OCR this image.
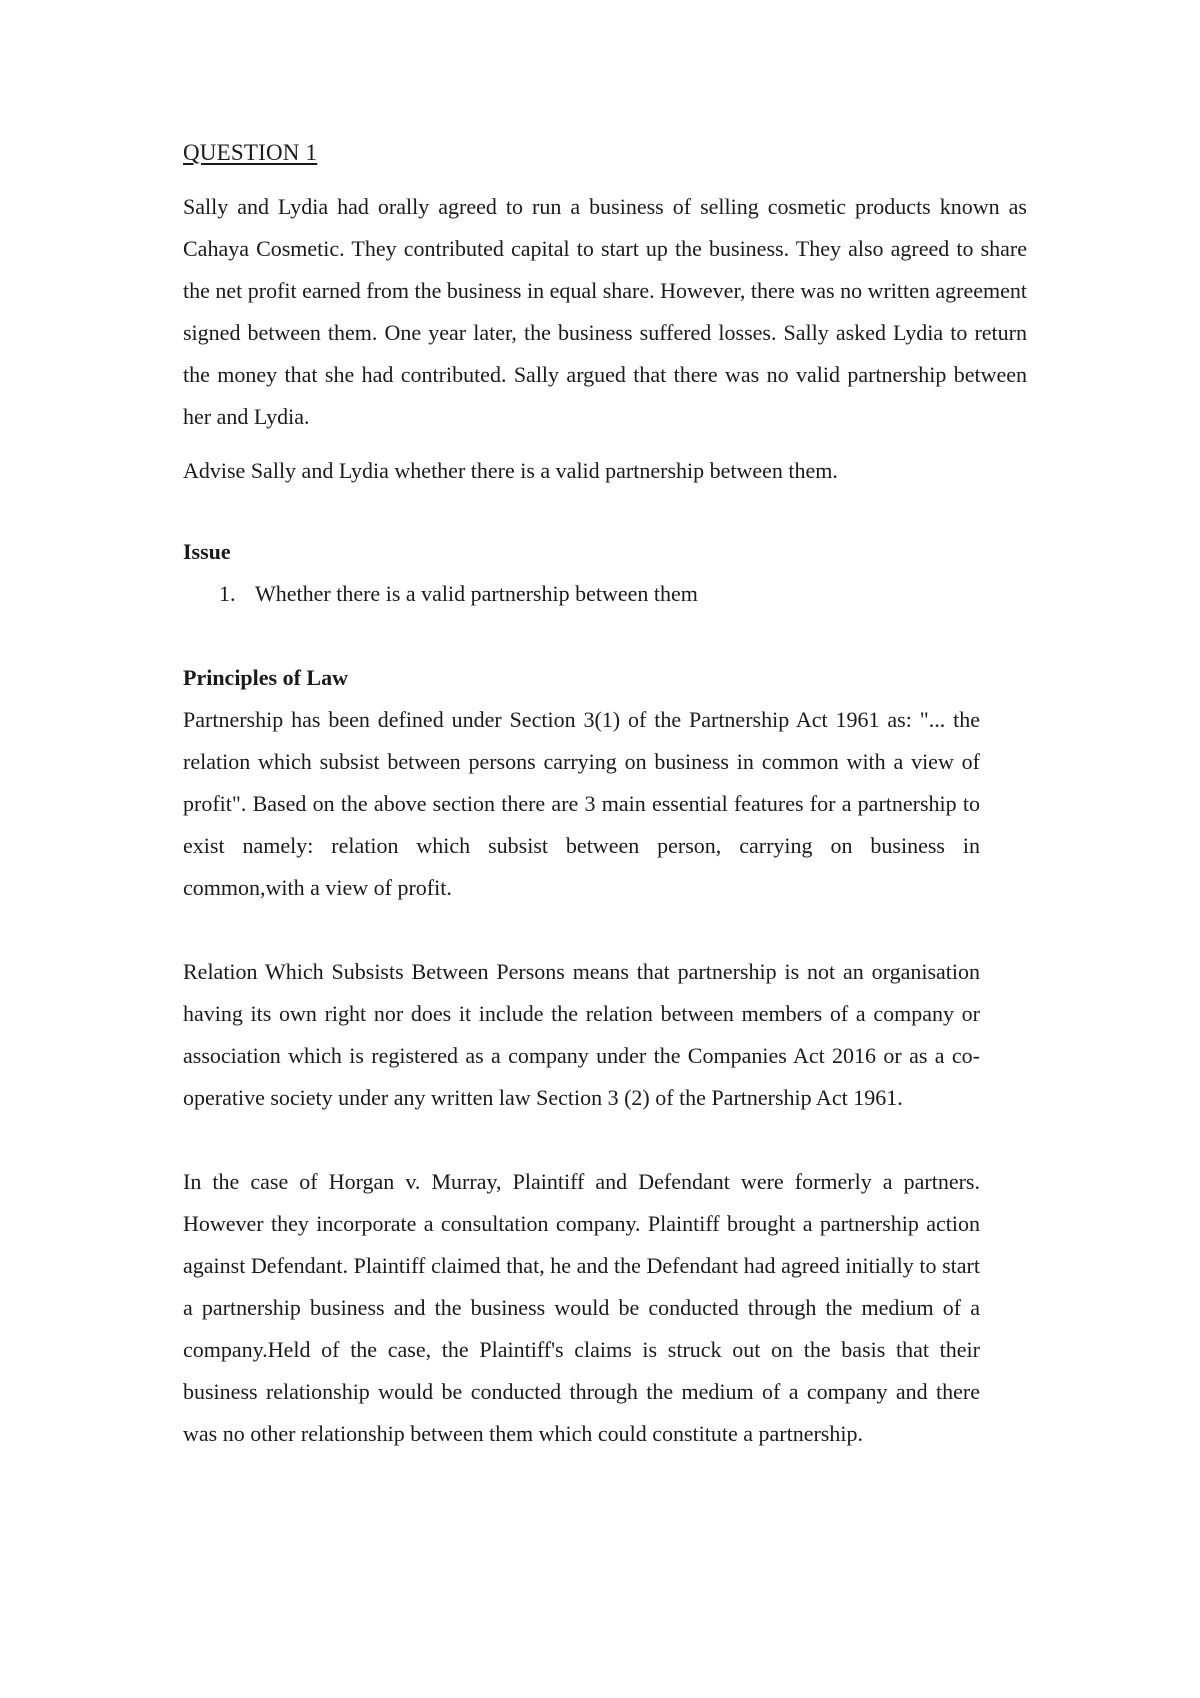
QUESTION 1

Sally and Lydia had orally agreed to run a business of selling cosmetic products known as Cahaya Cosmetic. They contributed capital to start up the business. They also agreed to share the net profit earned from the business in equal share. However, there was no written agreement signed between them. One year later, the business suffered losses. Sally asked Lydia to return the money that she had contributed. Sally argued that there was no valid partnership between her and Lydia.

Advise Sally and Lydia whether there is a valid partnership between them.

Issue
1. Whether there is a valid partnership between them
Principles of Law

Partnership has been defined under Section 3(1) of the Partnership Act 1961 as: "... the relation which subsist between persons carrying on business in common with a view of profit". Based on the above section there are 3 main essential features for a partnership to exist namely: relation which subsist between person, carrying on business in common,with a view of profit.

Relation Which Subsists Between Persons means that partnership is not an organisation having its own right nor does it include the relation between members of a company or association which is registered as a company under the Companies Act 2016 or as a co-operative society under any written law Section 3 (2) of the Partnership Act 1961.

In the case of Horgan v. Murray, Plaintiff and Defendant were formerly a partners. However they incorporate a consultation company. Plaintiff brought a partnership action against Defendant. Plaintiff claimed that, he and the Defendant had agreed initially to start a partnership business and the business would be conducted through the medium of a company.Held of the case, the Plaintiff's claims is struck out on the basis that their business relationship would be conducted through the medium of a company and there was no other relationship between them which could constitute a partnership.
